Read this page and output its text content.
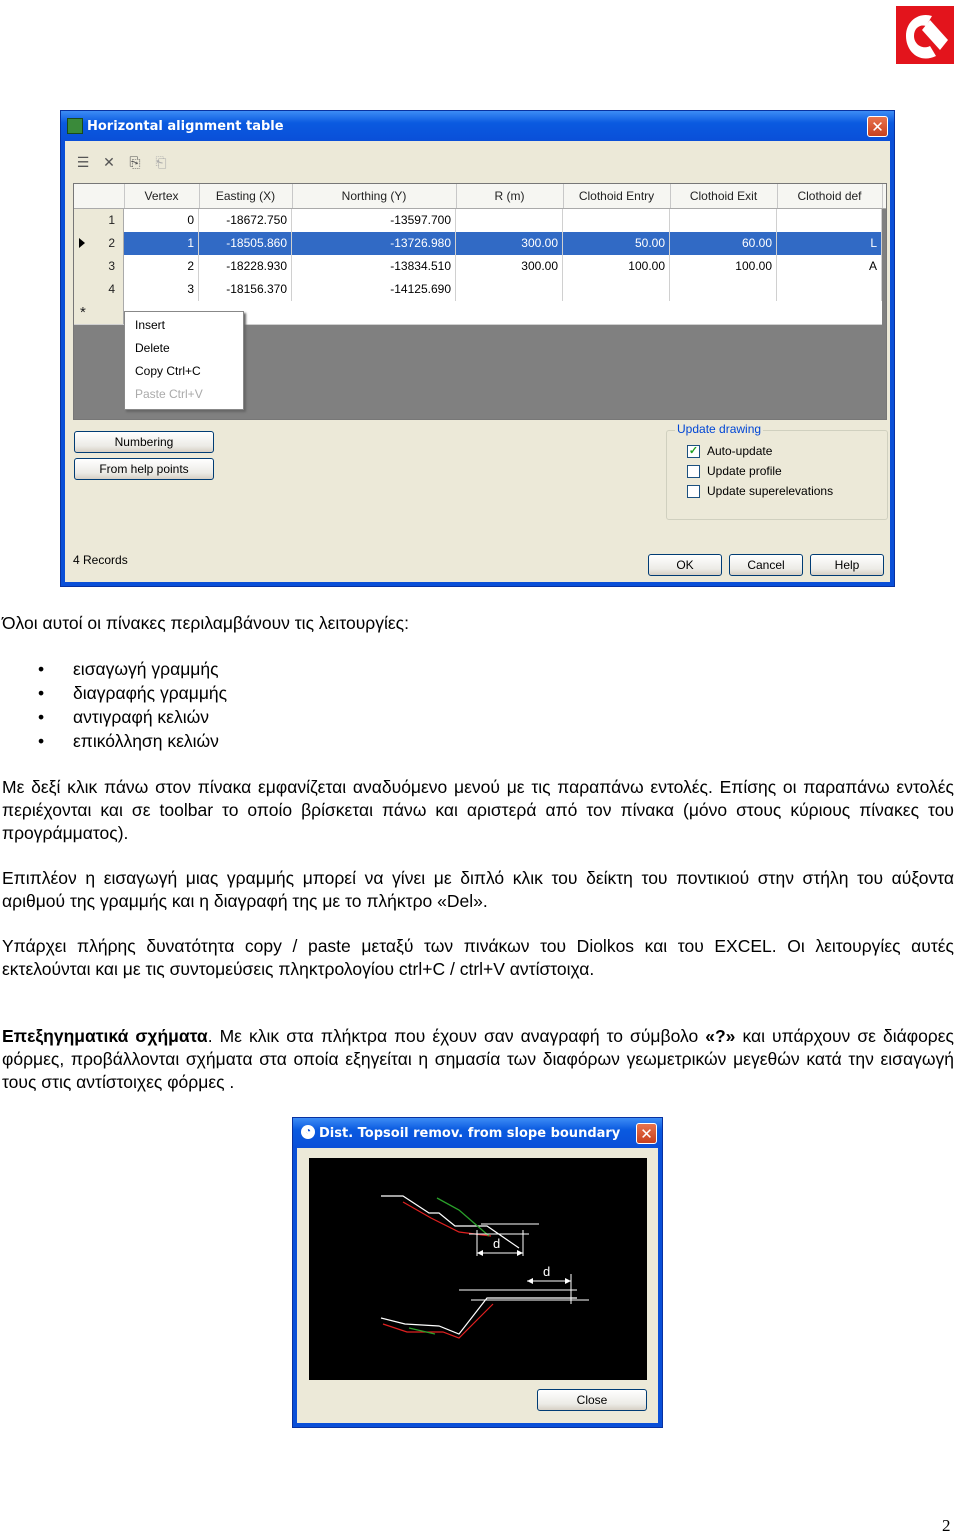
Horizontal alignment table	✕
☰ ✕ ⎘ ⎗
Vertex	Easting (X)	Northing (Y)	R (m)	Clothoid Entry	Clothoid Exit	Clothoid def
1	0	-18672.750	-13597.700
2	1	-18505.860	-13726.980	300.00	50.00	60.00	L
3	2	-18228.930	-13834.510	300.00	100.00	100.00	A
4	3	-18156.370	-14125.690
*
Insert
Delete
Copy Ctrl+C
Paste Ctrl+V
Numbering
From help points
Update drawing
✓ Auto-update
Update profile
Update superelevations
4 Records	OK	Cancel	Help
Όλοι αυτοί οι πίνακες περιλαμβάνουν τις λειτουργίες:
• εισαγωγή γραμμής
• διαγραφής γραμμής
• αντιγραφή κελιών
• επικόλληση κελιών
Με δεξί κλικ πάνω στον πίνακα εμφανίζεται αναδυόμενο μενού με τις παραπάνω εντολές. Επίσης οι παραπάνω εντολές περιέχονται και σε toolbar το οποίο βρίσκεται πάνω και αριστερά από τον πίνακα (μόνο στους κύριους πίνακες του προγράμματος).
Επιπλέον η εισαγωγή μιας γραμμής μπορεί να γίνει με διπλό κλικ του δείκτη του ποντικιού στην στήλη του αύξοντα αριθμού της γραμμής και η διαγραφή της με το πλήκτρο «Del».
Υπάρχει πλήρης δυνατότητα copy / paste μεταξύ των πινάκων του Diolkos και του EXCEL. Οι λειτουργίες αυτές εκτελούνται και με τις συντομεύσεις πληκτρολογίου ctrl+C / ctrl+V αντίστοιχα.
Επεξηγηματικά σχήματα. Με κλικ στα πλήκτρα που έχουν σαν αναγραφή το σύμβολο «?» και υπάρχουν σε διάφορες φόρμες, προβάλλονται σχήματα στα οποία εξηγείται η σημασία των διαφόρων γεωμετρικών μεγεθών κατά την εισαγωγή τους στις αντίστοιχες φόρμες .
◔ Dist. Topsoil remov. from slope boundary ✕
d
d
Close
2
